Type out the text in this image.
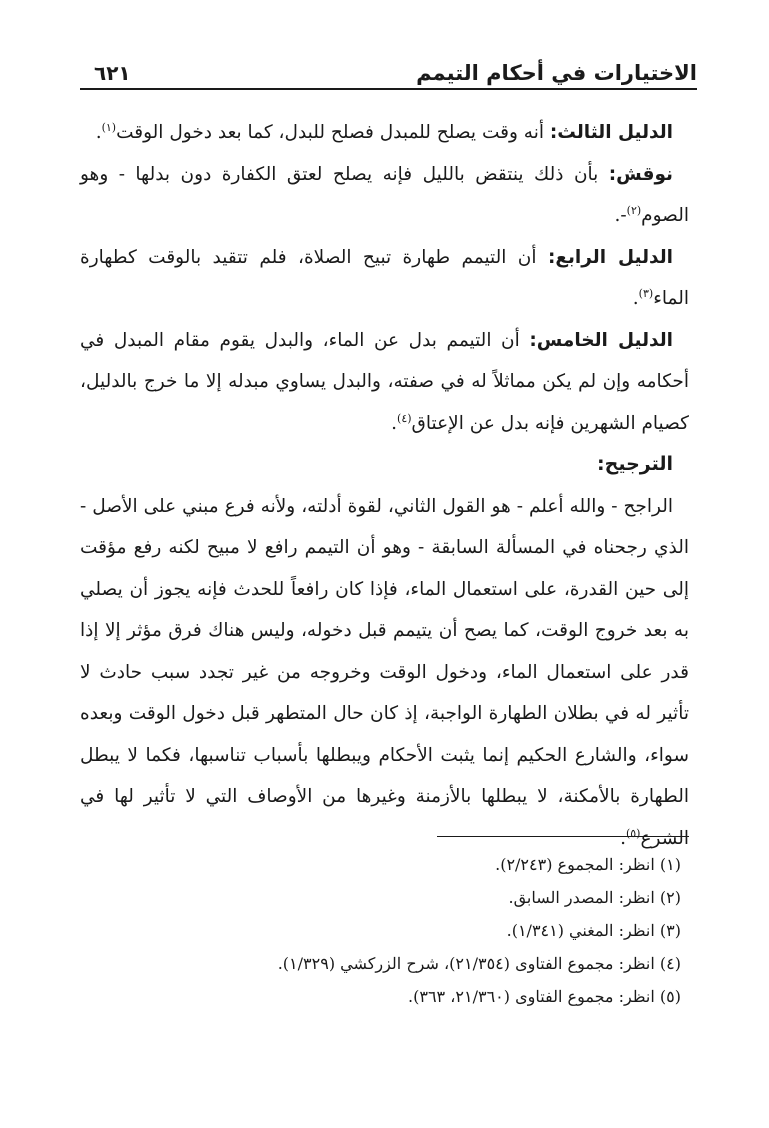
الاختيارات في أحكام التيمم
٦٢١

الدليل الثالث: أنه وقت يصلح للمبدل فصلح للبدل، كما بعد دخول الوقت$^{(١)}$.

نوقش: بأن ذلك ينتقض بالليل فإنه يصلح لعتق الكفارة دون بدلها - وهو الصوم$^{(٢)}$-.

الدليل الرابع: أن التيمم طهارة تبيح الصلاة، فلم تتقيد بالوقت كطهارة الماء$^{(٣)}$.

الدليل الخامس: أن التيمم بدل عن الماء، والبدل يقوم مقام المبدل في أحكامه وإن لم يكن مماثلاً له في صفته، والبدل يساوي مبدله إلا ما خرج بالدليل، كصيام الشهرين فإنه بدل عن الإعتاق$^{(٤)}$.

الترجيح:

الراجح - والله أعلم - هو القول الثاني، لقوة أدلته، ولأنه فرع مبني على الأصل - الذي رجحناه في المسألة السابقة - وهو أن التيمم رافع لا مبيح لكنه رفع مؤقت إلى حين القدرة، على استعمال الماء، فإذا كان رافعاً للحدث فإنه يجوز أن يصلي به بعد خروج الوقت، كما يصح أن يتيمم قبل دخوله، وليس هناك فرق مؤثر إلا إذا قدر على استعمال الماء، ودخول الوقت وخروجه من غير تجدد سبب حادث لا تأثير له في بطلان الطهارة الواجبة، إذ كان حال المتطهر قبل دخول الوقت وبعده سواء، والشارع الحكيم إنما يثبت الأحكام ويبطلها بأسباب تناسبها، فكما لا يبطل الطهارة بالأمكنة، لا يبطلها بالأزمنة وغيرها من الأوصاف التي لا تأثير لها في الشرع$^{(٥)}$.

(١) انظر: المجموع (٢/٢٤٣).

(٢) انظر: المصدر السابق.

(٣) انظر: المغني (١/٣٤١).

(٤) انظر: مجموع الفتاوى (٢١/٣٥٤)، شرح الزركشي (١/٣٢٩).

(٥) انظر: مجموع الفتاوى (٢١/٣٦٠، ٣٦٣).
